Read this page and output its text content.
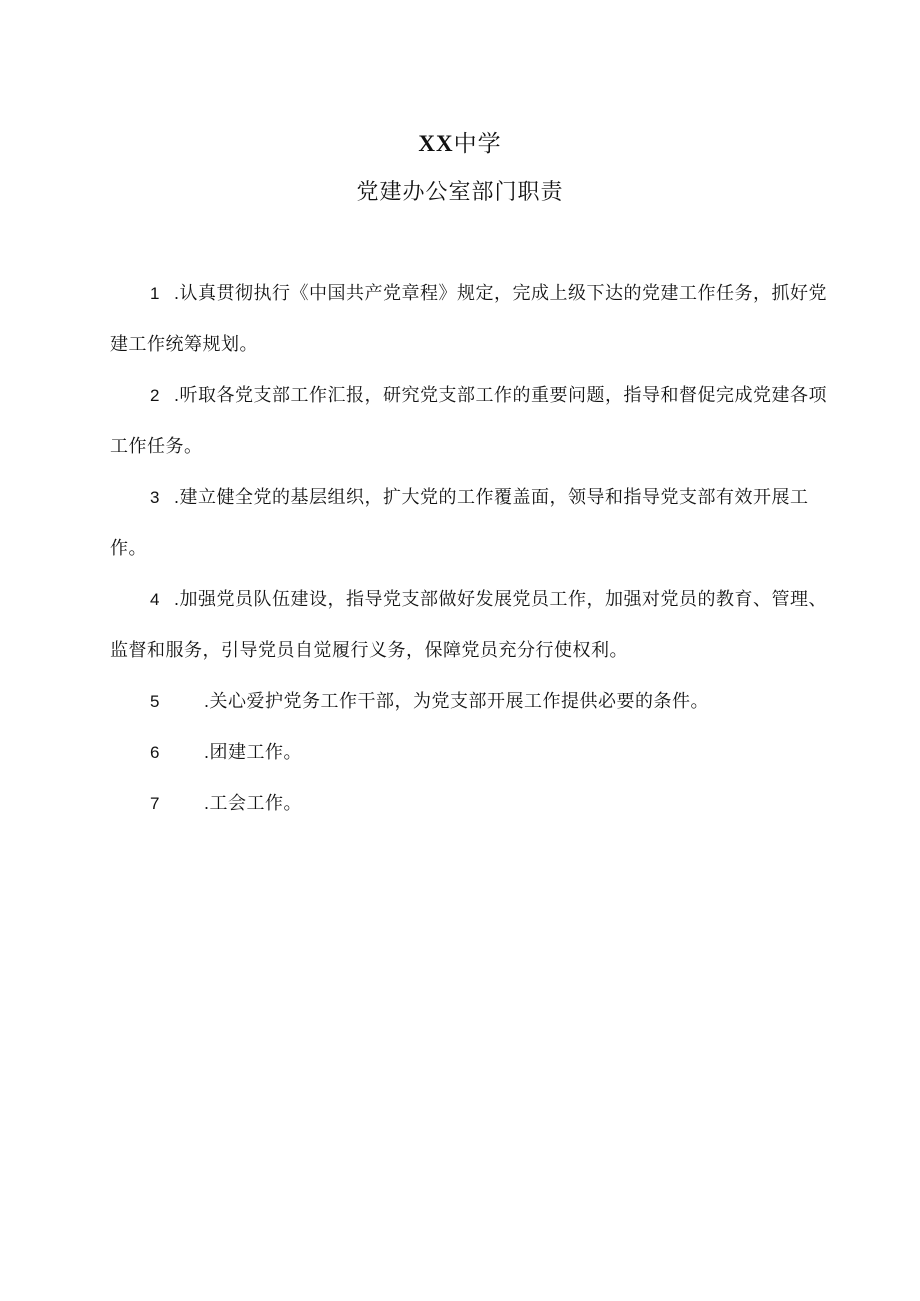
XX中学
党建办公室部门职责

1 .认真贯彻执行《中国共产党章程》规定，完成上级下达的党建工作任务，抓好党建工作统筹规划。

2 .听取各党支部工作汇报，研究党支部工作的重要问题，指导和督促完成党建各项工作任务。

3 .建立健全党的基层组织，扩大党的工作覆盖面，领导和指导党支部有效开展工作。

4 .加强党员队伍建设，指导党支部做好发展党员工作，加强对党员的教育、管理、监督和服务，引导党员自觉履行义务，保障党员充分行使权利。

5 .关心爱护党务工作干部，为党支部开展工作提供必要的条件。

6 .团建工作。

7 .工会工作。
